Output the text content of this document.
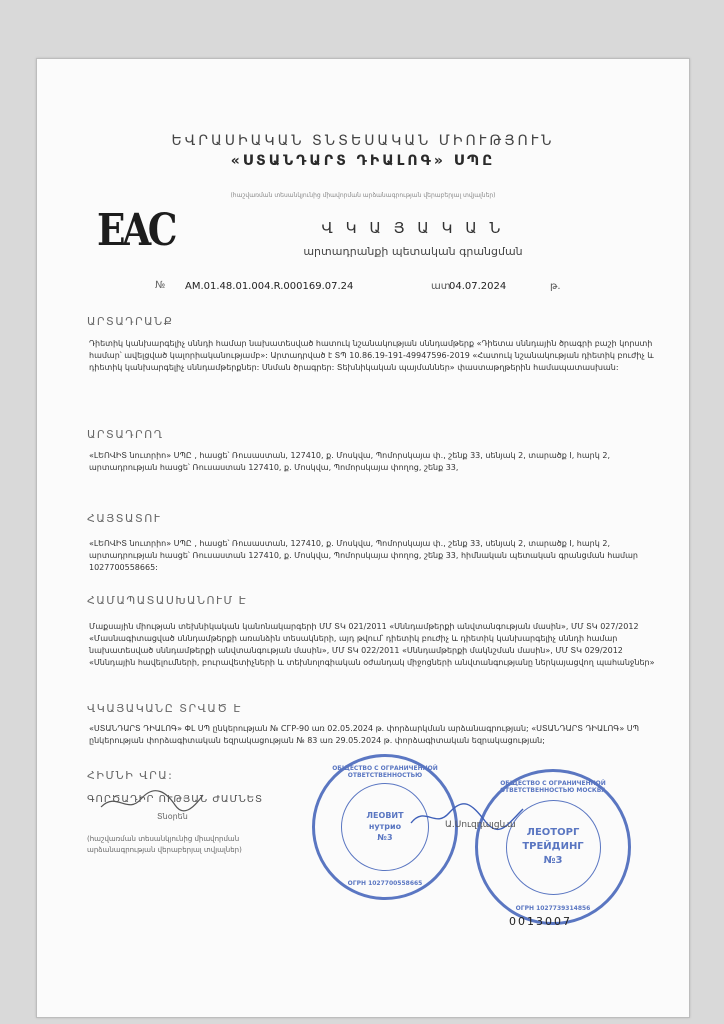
ԵՎՐԱՍԻԱԿԱՆ ՏՆՏԵՍԱԿԱՆ ՄԻՈՒԹՅՈՒՆ
«ՍՏԱՆԴԱՐՏ ԴԻԱԼՈԳ» ՍՊԸ
(հաշվառման տեսանկյունից միավորման արձանագրության վերաբերյալ տվյալներ)
EAC	Վ Կ Ա Յ Ա Կ Ա Ն
արտադրանքի պետական գրանցման
№ AM.01.48.01.004.R.000169.07.24	ատ
04.07.2024	թ.
ԱՐՏԱԴՐԱՆՔ
Դիետիկ կանխարգելիչ սննդի համար նախատեսված հատուկ նշանակության սննդամթերք «Դիետա սննդային ծրագրի բաշի կորստի համար՝ ավելցված կալորիականությամբ»: Արտադրված է ՏՊ 10.86.19-191-49947596-2019 «Հատուկ նշանակության դիետիկ բուժիչ և դիետիկ կանխարգելիչ սննդամթերքներ: Սնման ծրագրեր: Տեխնիկական պայմաններ» փաստաթղթերին համապատասխան:
ԱՐՏԱԴՐՈՂ
«ԼԵՈՎԻՏ նուտրիո» ՍՊԸ , հասցե՝ Ռուսաստան, 127410, ք. Մոսկվա, Պոմորսկայա փ., շենք 33, սենյակ 2, տարածք I, հարկ 2, արտադրության հասցե՝ Ռուսաստան 127410, ք. Մոսկվա, Պոմորսկայա փողոց, շենք 33,
ՀԱՅՏԱՏՈՒ
«ԼԵՈՎԻՏ նուտրիո» ՍՊԸ , հասցե՝ Ռուսաստան, 127410, ք. Մոսկվա, Պոմորսկայա փ., շենք 33, սենյակ 2, տարածք I, հարկ 2, արտադրության հասցե՝ Ռուսաստան 127410, ք. Մոսկվա, Պոմորսկայա փողոց, շենք 33, հիմնական պետական գրանցման համար 1027700558665:
ՀԱՄԱՊԱՏԱՍԽԱՆՈՒՄ Է
Մաքսային միության տեխնիկական կանոնակարգերի ՄՄ ՏԿ 021/2011 «Սննդամթերքի անվտանգության մասին», ՄՄ ՏԿ 027/2012 «Մասնագիտացված սննդամթերքի առանձին տեսակների, այդ թվում՝ դիետիկ բուժիչ և դիետիկ կանխարգելիչ սննդի համար նախատեսված սննդամթերքի անվտանգության մասին», ՄՄ ՏԿ 022/2011 «Սննդամթերքի մակնշման մասին», ՄՄ ՏԿ 029/2012 «Սննդային հավելումների, բուրավետիչների և տեխնոլոգիական օժանդակ միջոցների անվտանգությանը ներկայացվող պահանջներ»
ՎԿԱՅԱԿԱՆԸ ՏՐՎԱԾ Է
«ՍՏԱՆԴԱՐՏ ԴԻԱԼՈԳ» ՓԼ ՍՊ ընկերության № СГР-90 առ 02.05.2024 թ. փորձարկման արձանագրության; «ՍՏԱՆԴԱՐՏ ԴԻԱԼՈԳ» ՍՊ ընկերության փորձագիտական եզրակացության № 83 առ 29.05.2024 թ. փորձագիտական եզրակացության;
ՀԻՄՆԻ ՎՐԱ:
ԳՈՐԾԱԴԻՐ ՈՒԹՅԱՆ ԺԱՄՆԵՏ
Տնօրեն
Ա.Սուզդալցևա
(հաշվառման տեսանկյունից միավորման արձանագրության վերաբերյալ տվյալներ)
ОБЩЕСТВО С ОГРАНИЧЕННОЙ ОТВЕТСТВЕННОСТЬЮ
ЛЕОВИТ
нутрио
№3
ОГРН 1027700558665
ОБЩЕСТВО С ОГРАНИЧЕННОЙ ОТВЕТСТВЕННОСТЬЮ МОСКВА
ЛЕОТОРГ
ТРЕЙДИНГ
№3
ОГРН 1027739314856
0013007
